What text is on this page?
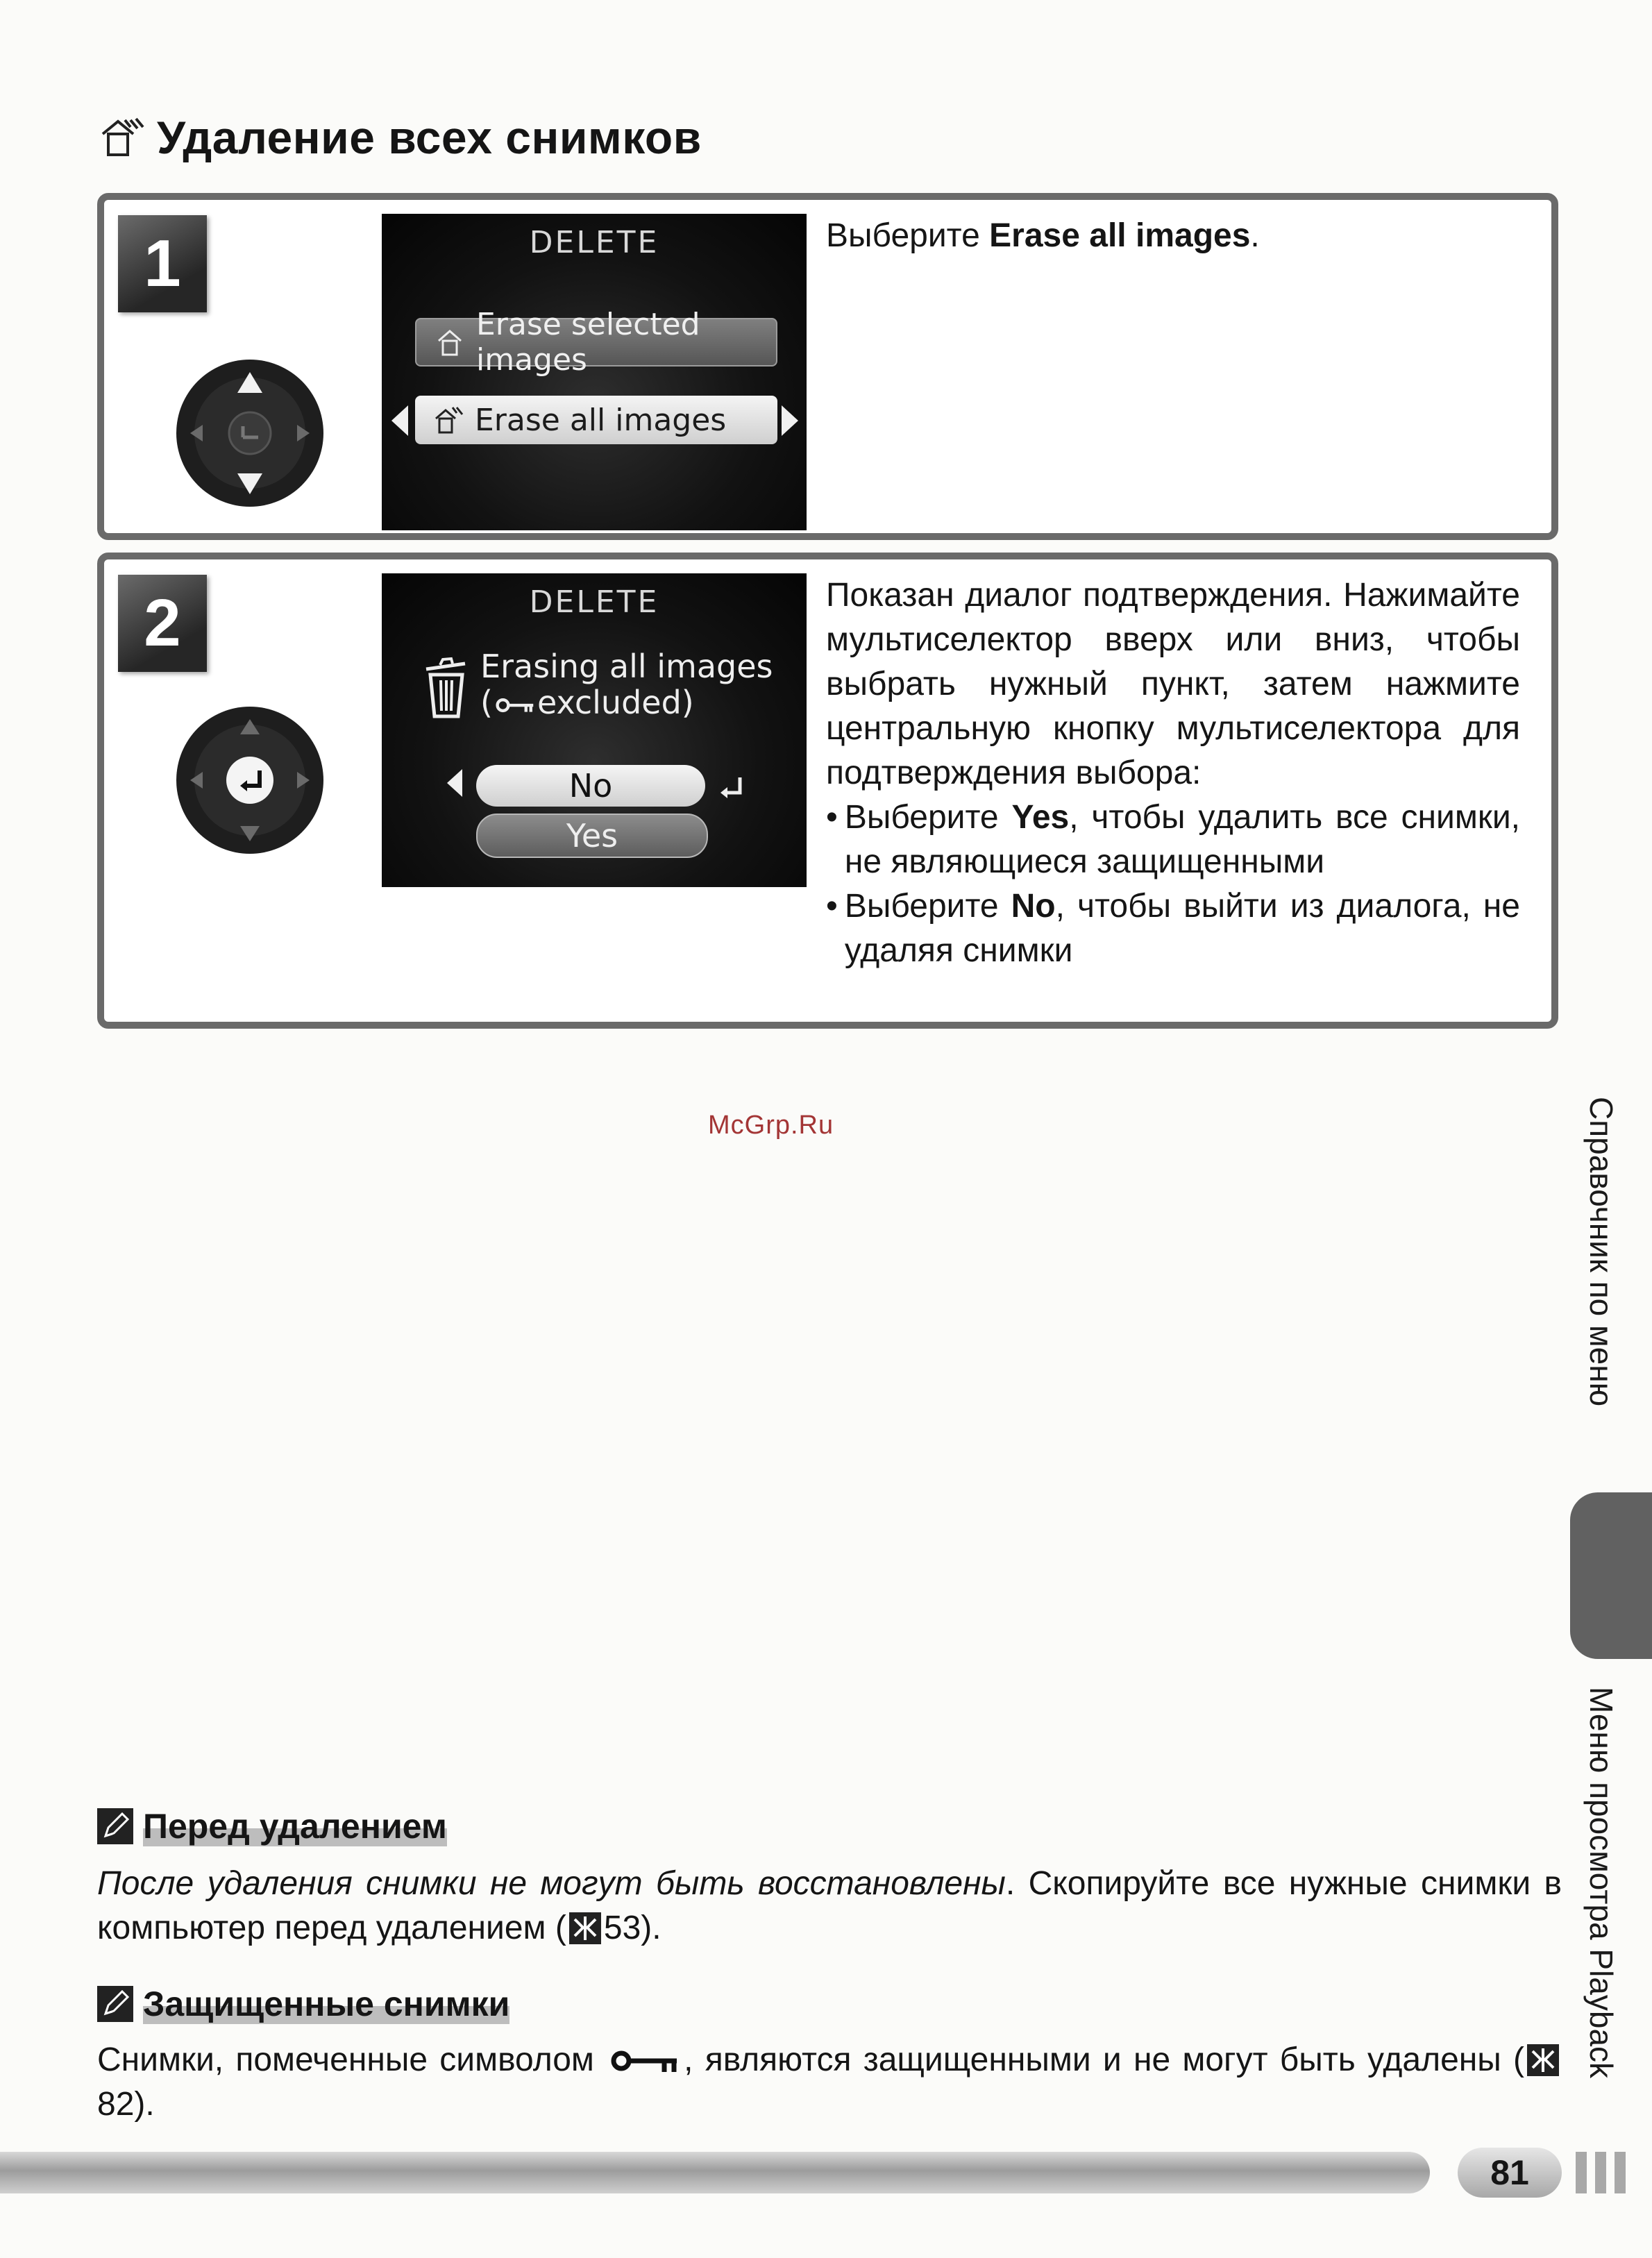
Удаление всех снимков
1	DELETE
Erase selected images
Erase all images
Выберите Erase all images.
2	DELETE
Erasing all images
( excluded)
No
Yes
Показан диалог подтверждения. Нажимайте мультиселектор вверх или вниз, чтобы выбрать нужный пункт, затем нажмите центральную кнопку мультиселектора для подтверждения выбора:
• Выберите Yes, чтобы удалить все снимки, не являющиеся защищенными
• Выберите No, чтобы выйти из диалога, не удаляя снимки
McGrp.Ru	Справочник по меню
Меню просмотра Playback
Перед удалением
После удаления снимки не могут быть восстановлены. Скопируйте все нужные снимки в компьютер перед удалением ( 53).
Защищенные снимки
Снимки, помеченные символом , являются защищенными и не могут быть удалены (82).
81
